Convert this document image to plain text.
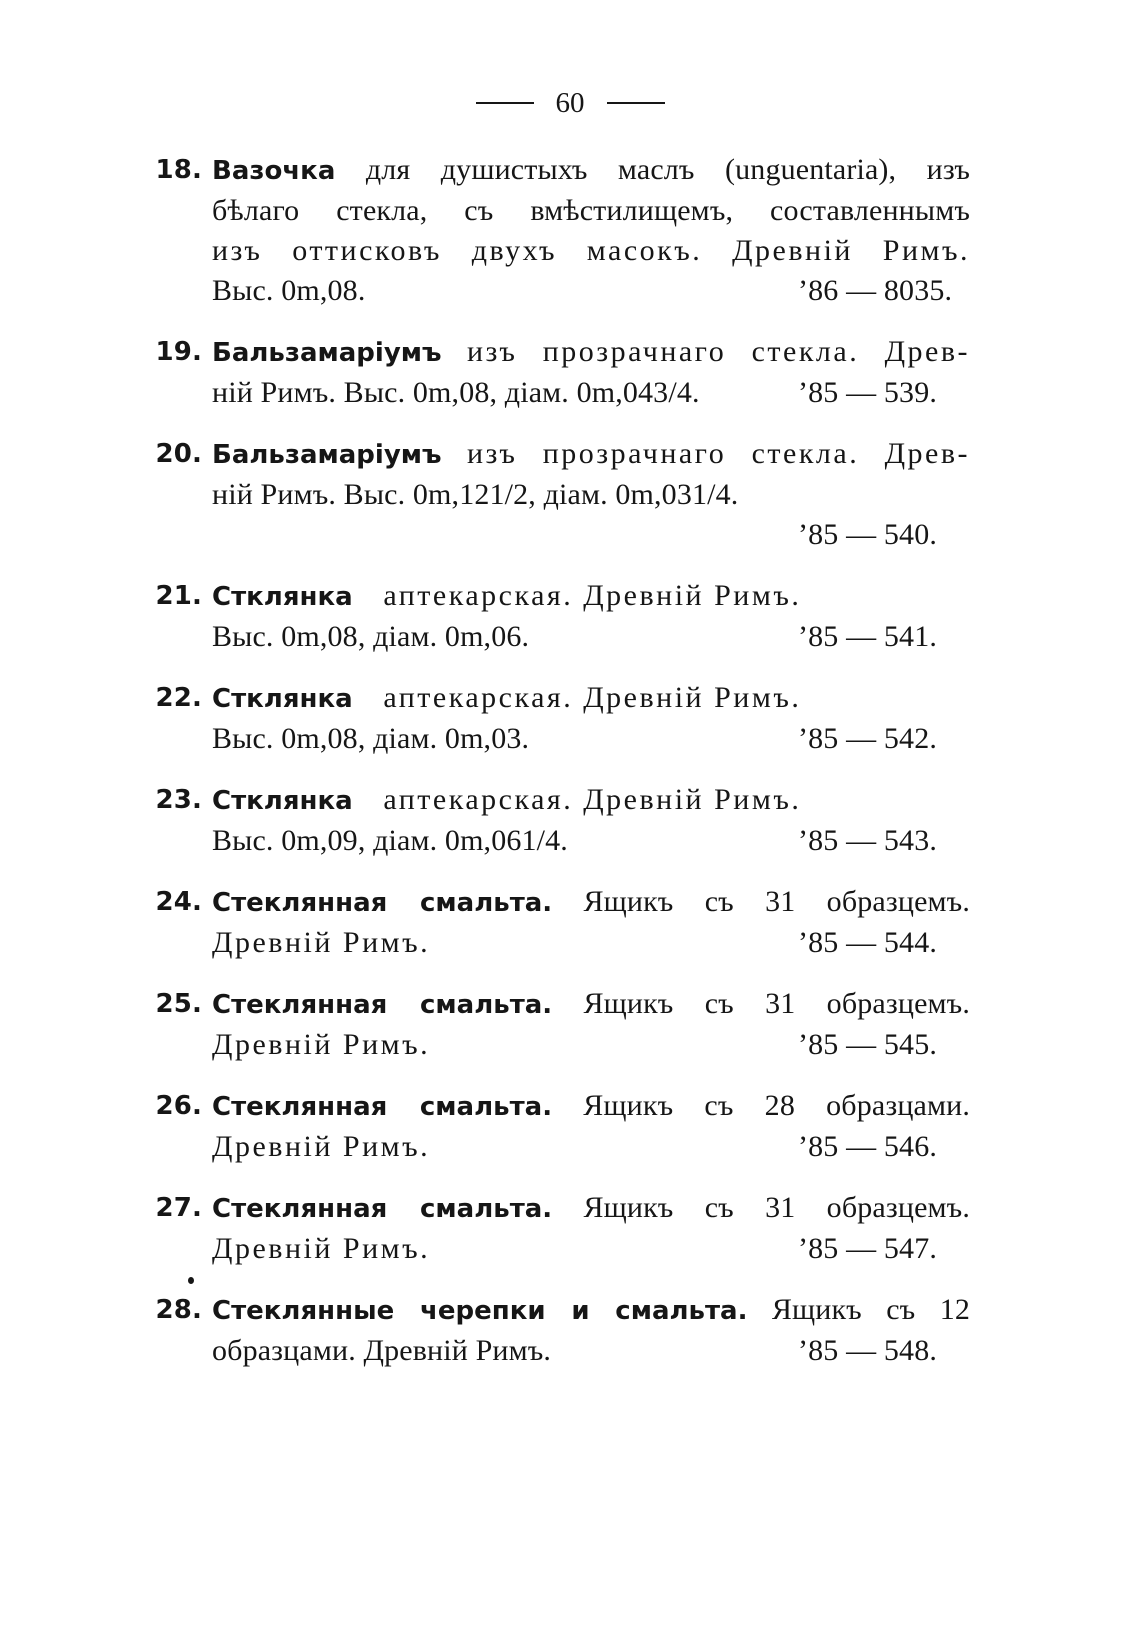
60
18. Вазочка для душистыхъ маслъ (unguentaria), изъ
бѣлаго стекла, съ вмѣстилищемъ, составленнымъ
изъ оттисковъ двухъ масокъ. Древній Римъ.
Выс. 0m,08.	’86 — 8035.
19. Бальзамаріумъ изъ прозрачнаго стекла. Древ-
ній Римъ. Выс. 0m,08, діам. 0m,043/4.	’85 — 539.
20. Бальзамаріумъ изъ прозрачнаго стекла. Древ-
ній Римъ. Выс. 0m,121/2, діам. 0m,031/4.
’85 — 540.
21. Стклянка аптекарская. Древній Римъ.
Выс. 0m,08, діам. 0m,06.	’85 — 541.
22. Стклянка аптекарская. Древній Римъ.
Выс. 0m,08, діам. 0m,03.	’85 — 542.
23. Стклянка аптекарская. Древній Римъ.
Выс. 0m,09, діам. 0m,061/4.	’85 — 543.
24. Стеклянная смальта. Ящикъ съ 31 образцемъ.
Древній Римъ.	’85 — 544.
25. Стеклянная смальта. Ящикъ съ 31 образцемъ.
Древній Римъ.	’85 — 545.
26. Стеклянная смальта. Ящикъ съ 28 образцами.
Древній Римъ.	’85 — 546.
27. Стеклянная смальта. Ящикъ съ 31 образцемъ.
Древній Римъ.	’85 — 547.
28. Стеклянные черепки и смальта. Ящикъ съ 12
образцами. Древній Римъ.	’85 — 548.
